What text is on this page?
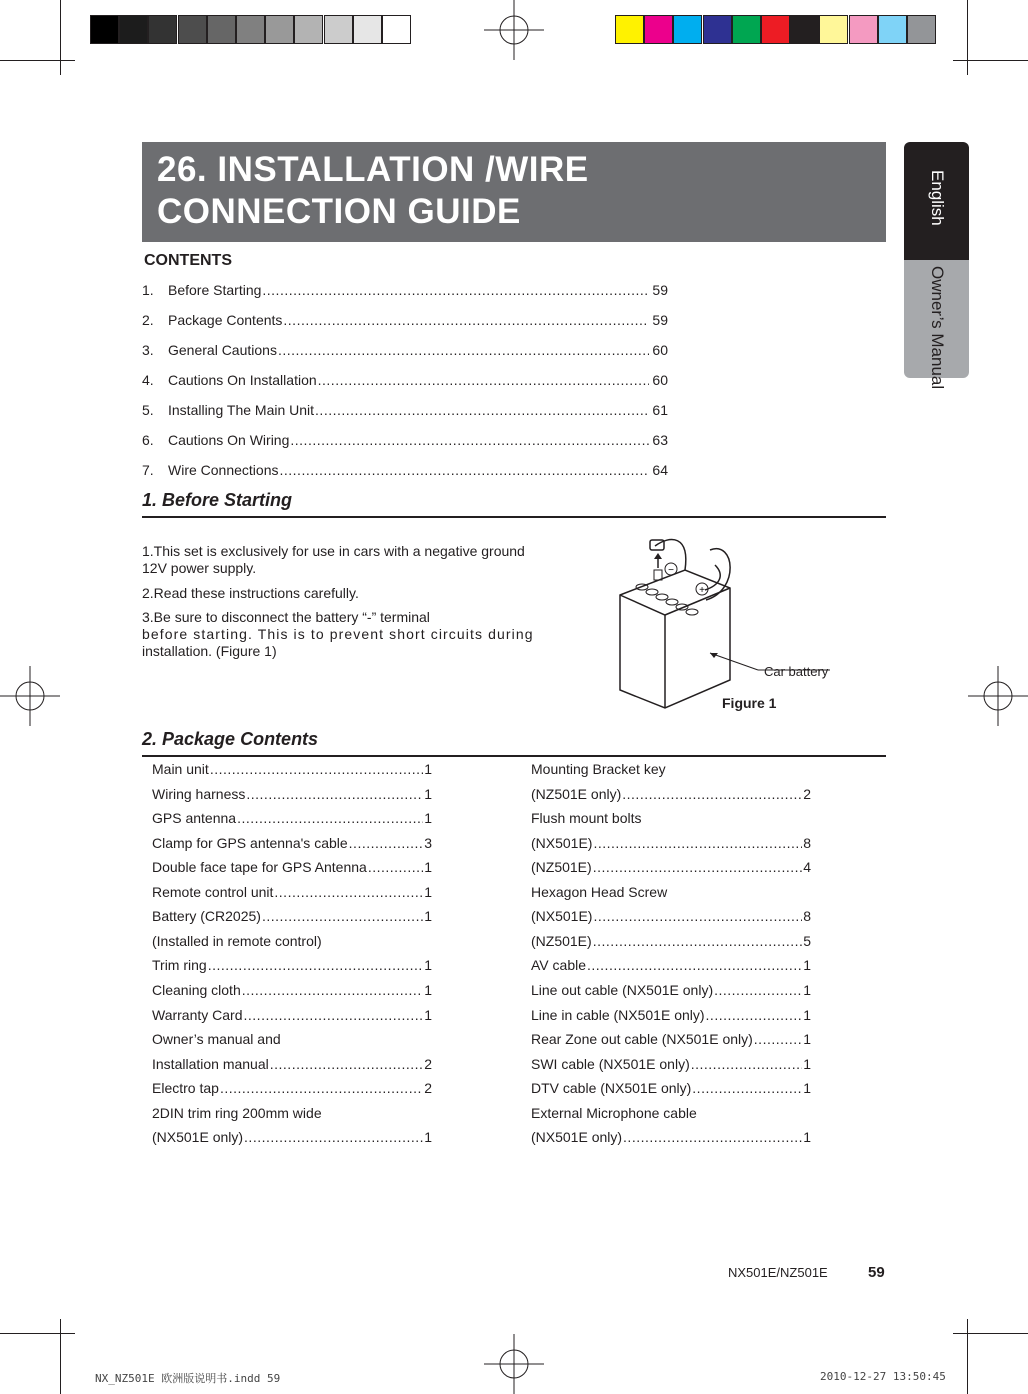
26. INSTALLATION /WIRE
CONNECTION GUIDE	English
Owner’s Manual
CONTENTS
1.	Before Starting .....	59
2.	Package Contents .....	59
3.	General Cautions .....	60
4.	Cautions On Installation .....	60
5.	Installing The Main Unit .....	61
6.	Cautions On Wiring .....	63
7.	Wire Connections .....	64
1. Before Starting
1.This set is exclusively for use in cars with a negative ground
12V power supply.
2.Read these instructions carefully.
3.Be sure to disconnect the battery “-” terminal
before starting. This is to prevent short circuits during
installation. (Figure 1)
−
+
Car battery
Figure 1
2. Package Contents
Main unit .....	1
Wiring harness .....	1
GPS antenna .....	1
Clamp for GPS antenna's cable .....	3
Double face tape for GPS Antenna .....	1
Remote control unit .....	1
Battery (CR2025) .....	1
(Installed in remote control)
Trim ring .....	1
Cleaning cloth .....	1
Warranty Card .....	1
Owner’s manual and
Installation manual .....	2
Electro tap .....	2
2DIN trim ring 200mm wide
(NX501E only) .....	1
Mounting Bracket key
(NZ501E only) .....	2
Flush mount bolts
(NX501E) .....	8
(NZ501E) .....	4
Hexagon Head Screw
(NX501E) .....	8
(NZ501E) .....	5
AV cable .....	1
Line out cable (NX501E only) .....	1
Line in cable (NX501E only) .....	1
Rear Zone out cable (NX501E only) .....	1
SWI cable (NX501E only) .....	1
DTV cable (NX501E only) .....	1
External Microphone cable
(NX501E only) .....	1
NX501E/NZ501E	59
NX_NZ501E 欧洲版说明书.indd 59	2010-12-27 13:50:45
